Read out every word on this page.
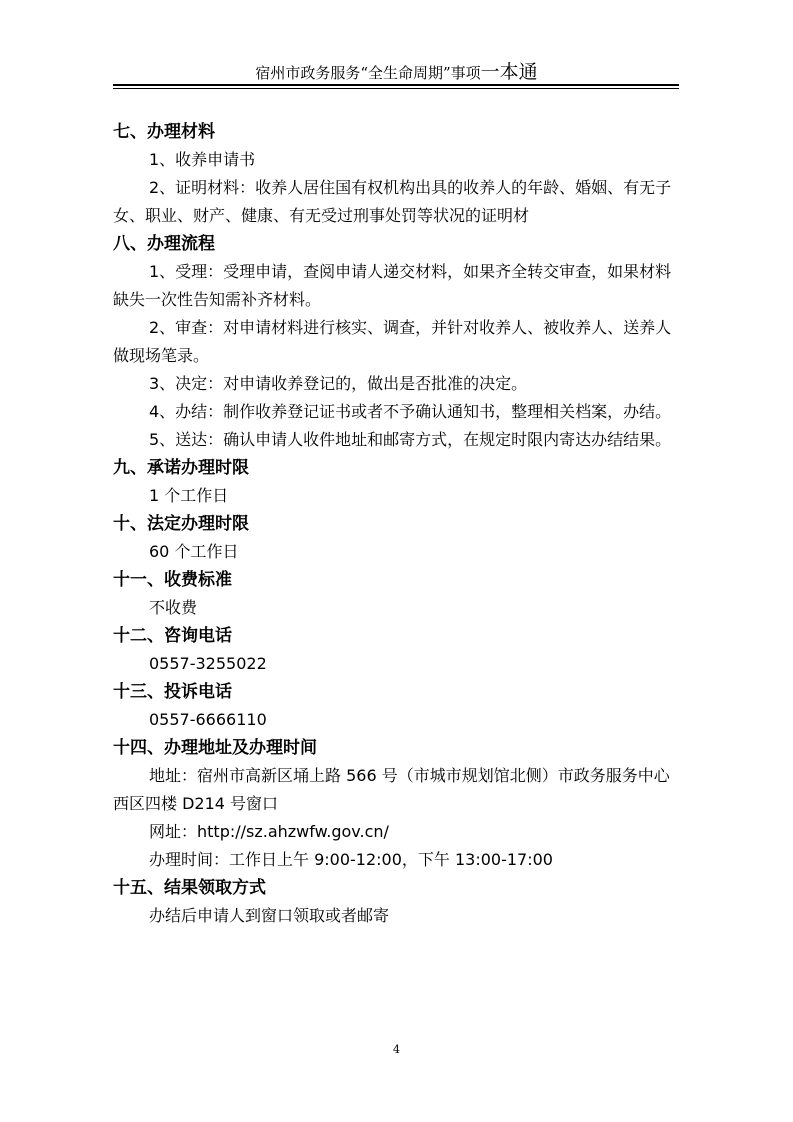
宿州市政务服务“全生命周期”事项一本通
七、办理材料
1、收养申请书
2、证明材料：收养人居住国有权机构出具的收养人的年龄、婚姻、有无子女、职业、财产、健康、有无受过刑事处罚等状况的证明材
八、办理流程
1、受理：受理申请，查阅申请人递交材料，如果齐全转交审查，如果材料缺失一次性告知需补齐材料。
2、审查：对申请材料进行核实、调查，并针对收养人、被收养人、送养人做现场笔录。
3、决定：对申请收养登记的，做出是否批准的决定。
4、办结：制作收养登记证书或者不予确认通知书，整理相关档案，办结。
5、送达：确认申请人收件地址和邮寄方式，在规定时限内寄达办结结果。
九、承诺办理时限
1 个工作日
十、法定办理时限
60 个工作日
十一、收费标准
不收费
十二、咨询电话
0557-3255022
十三、投诉电话
0557-6666110
十四、办理地址及办理时间
地址：宿州市高新区埇上路 566 号（市城市规划馆北侧）市政务服务中心西区四楼 D214 号窗口
网址：http://sz.ahzwfw.gov.cn/
办理时间：工作日上午 9:00-12:00，下午 13:00-17:00
十五、结果领取方式
办结后申请人到窗口领取或者邮寄
4
